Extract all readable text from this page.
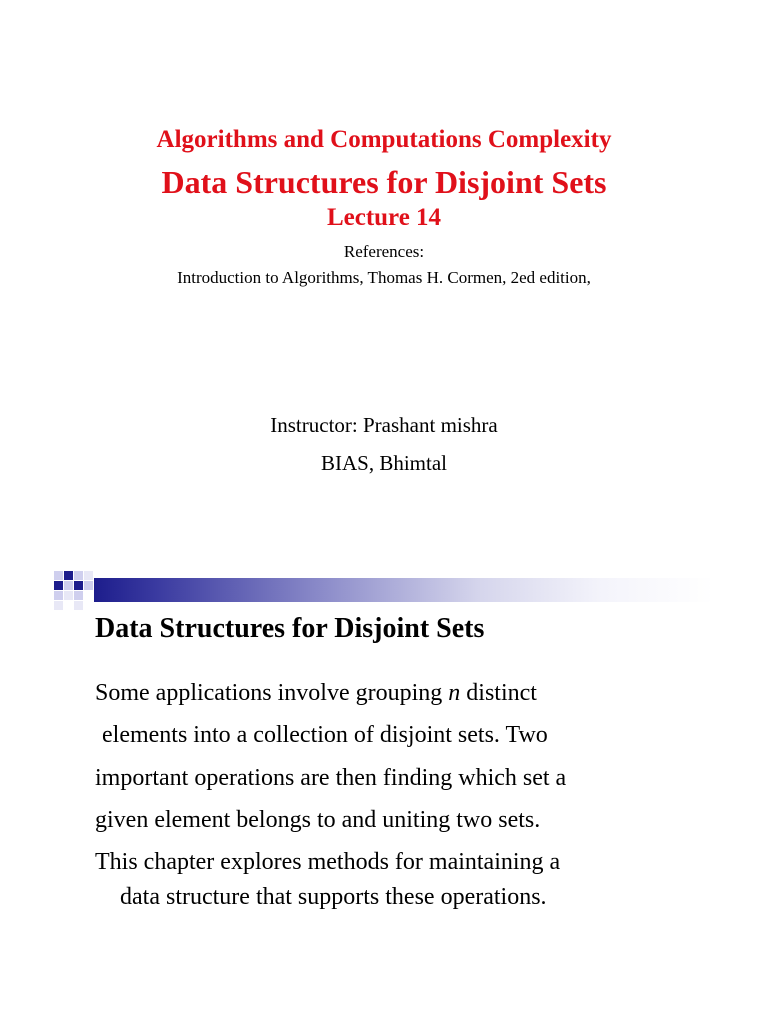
Algorithms and Computations Complexity
Data Structures for Disjoint Sets
Lecture 14
References:
Introduction to Algorithms, Thomas H. Cormen, 2ed edition,
Instructor: Prashant mishra
BIAS, Bhimtal
Data Structures for Disjoint Sets
Some applications involve grouping n distinct
elements into a collection of disjoint sets. Two
important operations are then finding which set a
given element belongs to and uniting two sets.
This chapter explores methods for maintaining a
data structure that supports these operations.
